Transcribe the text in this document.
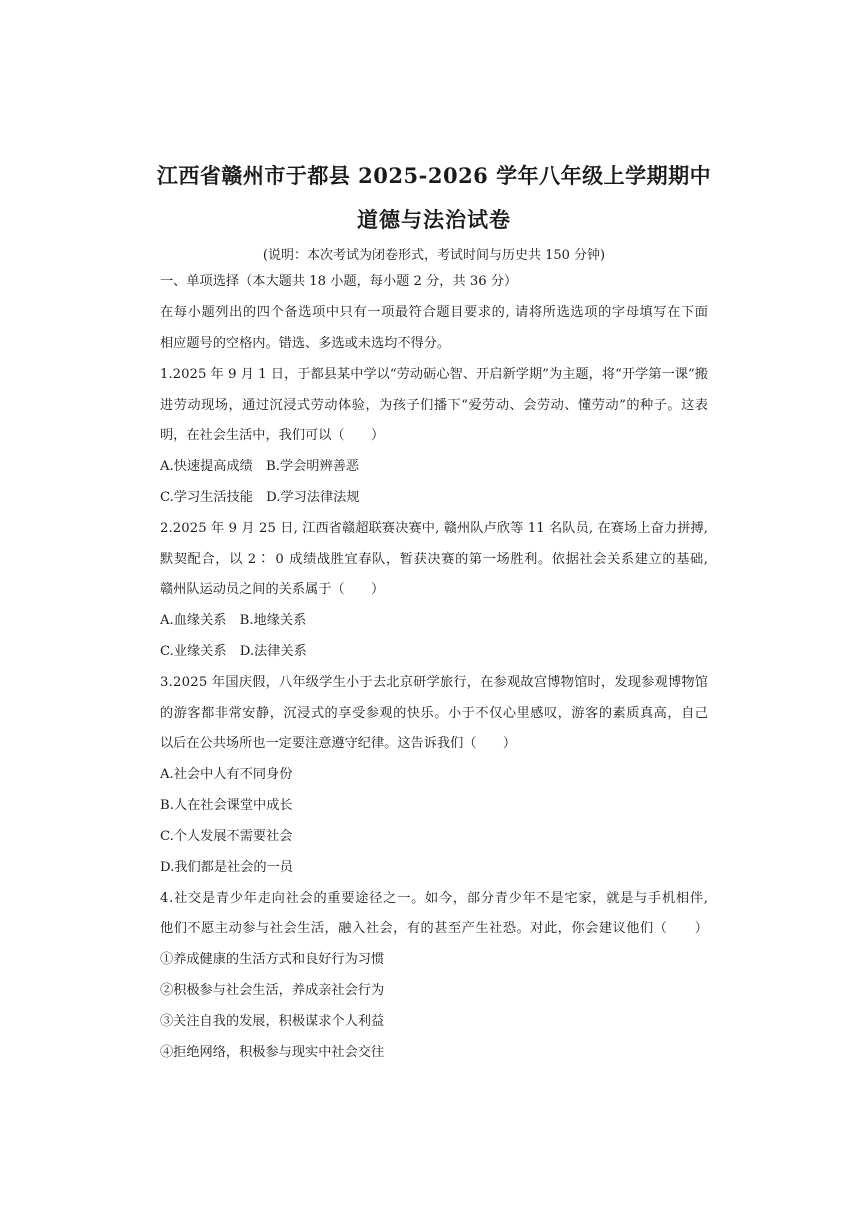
江西省赣州市于都县 2025-2026 学年八年级上学期期中
道德与法治试卷
(说明：本次考试为闭卷形式，考试时间与历史共 150 分钟)
一、单项选择（本大题共 18 小题，每小题 2 分，共 36 分）
在每小题列出的四个备选项中只有一项最符合题目要求的, 请将所选选项的字母填写在下面
相应题号的空格内。错选、多选或未选均不得分。
1.2025 年 9 月 1 日，于都县某中学以“劳动砺心智、开启新学期”为主题，将“开学第一课”搬
进劳动现场，通过沉浸式劳动体验，为孩子们播下“爱劳动、会劳动、懂劳动”的种子。这表
明，在社会生活中，我们可以（　　）
A.快速提高成绩　B.学会明辨善恶
C.学习生活技能　D.学习法律法规
2.2025 年 9 月 25 日, 江西省赣超联赛决赛中, 赣州队卢欣等 11 名队员, 在赛场上奋力拼搏,
默契配合，以 2∶ 0 成绩战胜宜春队，暂获决赛的第一场胜利。依据社会关系建立的基础,
赣州队运动员之间的关系属于（　　）
A.血缘关系　B.地缘关系
C.业缘关系　D.法律关系
3.2025 年国庆假，八年级学生小于去北京研学旅行，在参观故宫博物馆时，发现参观博物馆
的游客都非常安静，沉浸式的享受参观的快乐。小于不仅心里感叹，游客的素质真高，自己
以后在公共场所也一定要注意遵守纪律。这告诉我们（　　）
A.社会中人有不同身份
B.人在社会课堂中成长
C.个人发展不需要社会
D.我们都是社会的一员
4.社交是青少年走向社会的重要途径之一。如今，部分青少年不是宅家，就是与手机相伴,
他们不愿主动参与社会生活，融入社会，有的甚至产生社恐。对此，你会建议他们（　　）
①养成健康的生活方式和良好行为习惯
②积极参与社会生活，养成亲社会行为
③关注自我的发展，积极谋求个人利益
④拒绝网络，积极参与现实中社会交往
